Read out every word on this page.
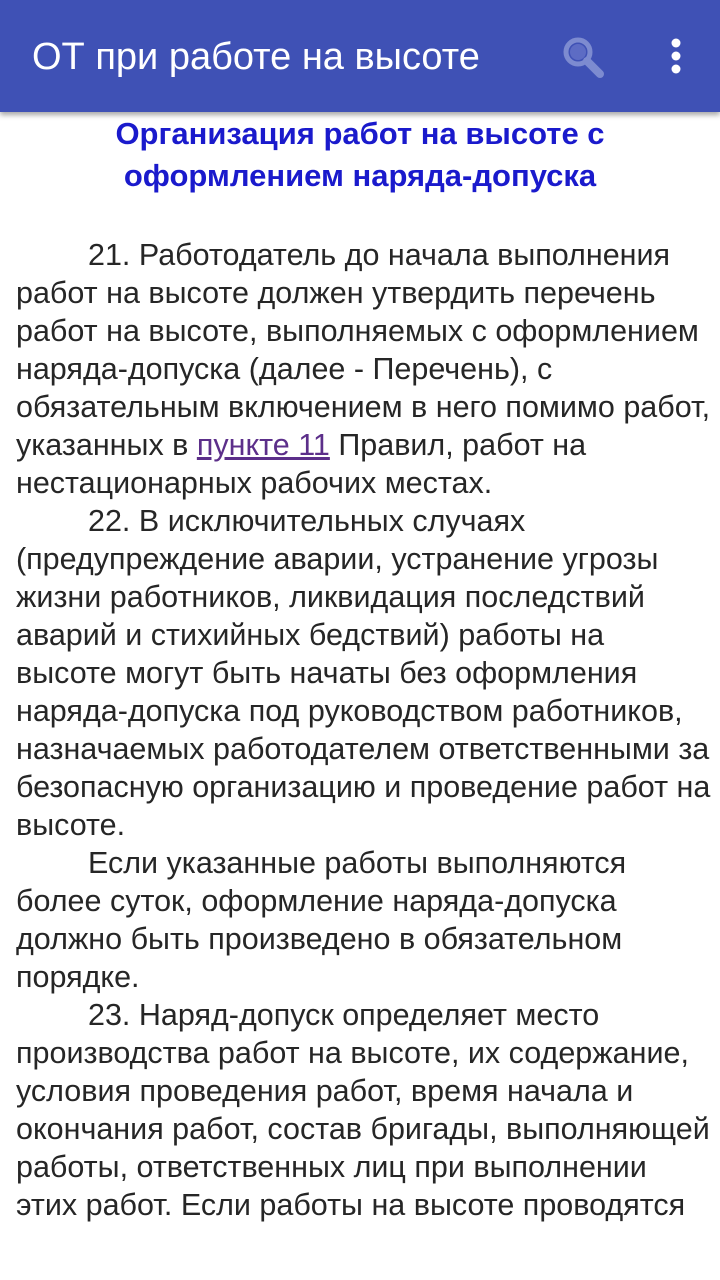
ОТ при работе на высоте
Организация работ на высоте с оформлением наряда-допуска

21. Работодатель до начала выполнения работ на высоте должен утвердить перечень работ на высоте, выполняемых с оформлением наряда-допуска (далее - Перечень), с обязательным включением в него помимо работ, указанных в пункте 11 Правил, работ на нестационарных рабочих местах.

22. В исключительных случаях (предупреждение аварии, устранение угрозы жизни работников, ликвидация последствий аварий и стихийных бедствий) работы на высоте могут быть начаты без оформления наряда-допуска под руководством работников, назначаемых работодателем ответственными за безопасную организацию и проведение работ на высоте.

Если указанные работы выполняются более суток, оформление наряда-допуска должно быть произведено в обязательном порядке.

23. Наряд-допуск определяет место производства работ на высоте, их содержание, условия проведения работ, время начала и окончания работ, состав бригады, выполняющей работы, ответственных лиц при выполнении этих работ. Если работы на высоте проводятся
